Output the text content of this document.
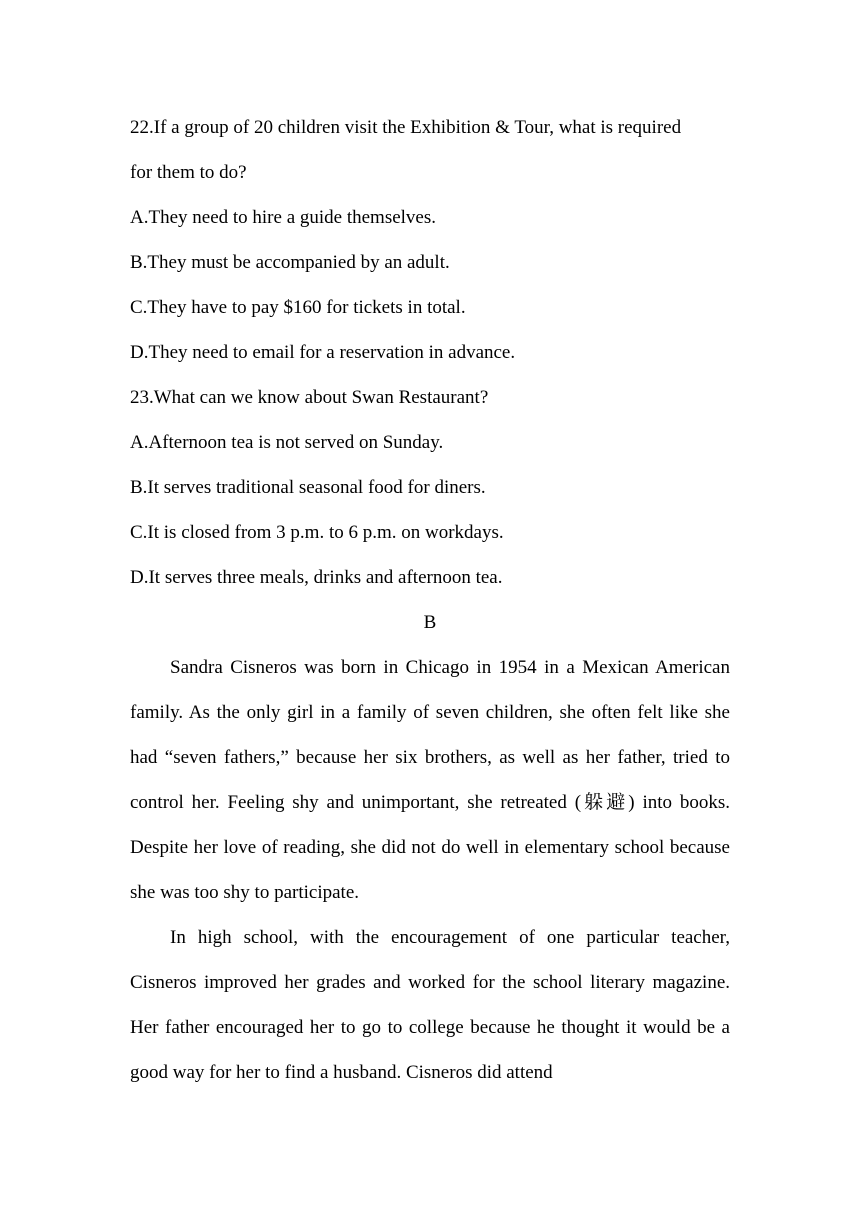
22.If a group of 20 children visit the Exhibition & Tour, what is required
for them to do?
A.They need to hire a guide themselves.
B.They must be accompanied by an adult.
C.They have to pay $160 for tickets in total.
D.They need to email for a reservation in advance.
23.What can we know about Swan Restaurant?
A.Afternoon tea is not served on Sunday.
B.It serves traditional seasonal food for diners.
C.It is closed from 3 p.m. to 6 p.m. on workdays.
D.It serves three meals, drinks and afternoon tea.
B

Sandra Cisneros was born in Chicago in 1954 in a Mexican American family. As the only girl in a family of seven children, she often felt like she had “seven fathers,” because her six brothers, as well as her father, tried to control her. Feeling shy and unimportant, she retreated (躲避) into books. Despite her love of reading, she did not do well in elementary school because she was too shy to participate.

In high school, with the encouragement of one particular teacher, Cisneros improved her grades and worked for the school literary magazine. Her father encouraged her to go to college because he thought it would be a good way for her to find a husband. Cisneros did attend
